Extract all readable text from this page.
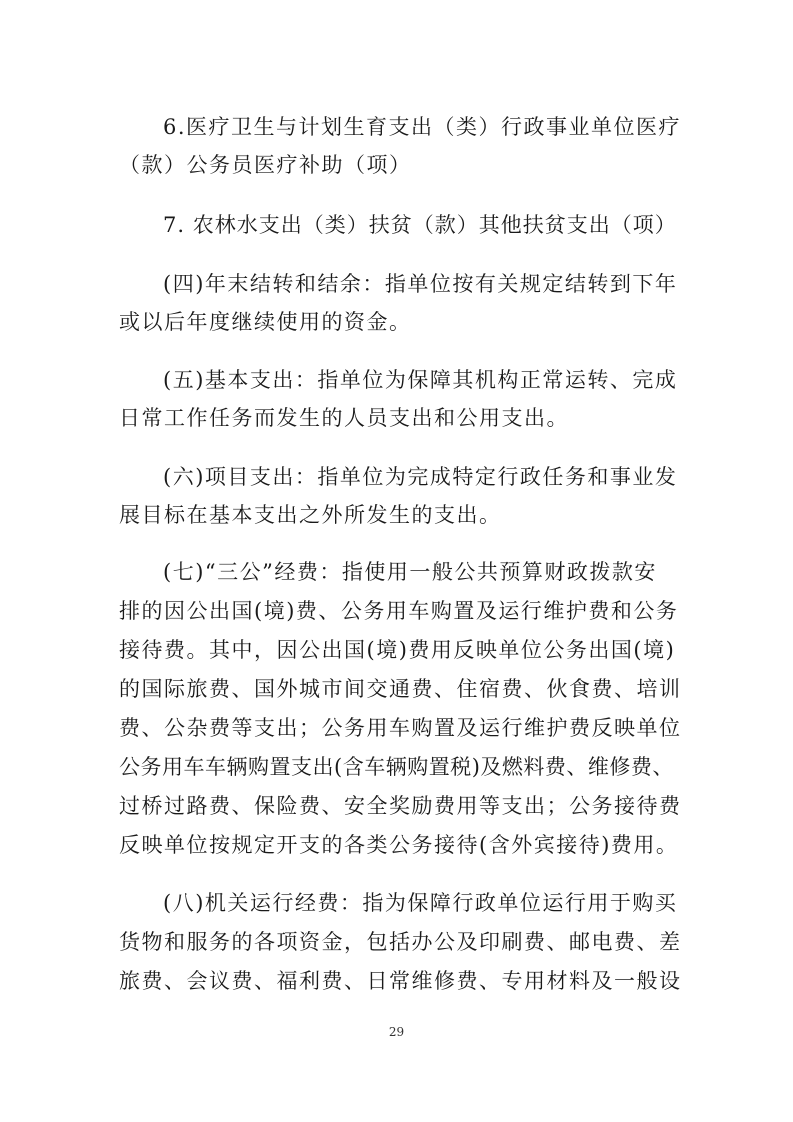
6.医疗卫生与计划生育支出（类）行政事业单位医疗
（款）公务员医疗补助（项）
7. 农林水支出（类）扶贫（款）其他扶贫支出（项）
(四)年末结转和结余：指单位按有关规定结转到下年
或以后年度继续使用的资金。
(五)基本支出：指单位为保障其机构正常运转、完成
日常工作任务而发生的人员支出和公用支出。
(六)项目支出：指单位为完成特定行政任务和事业发
展目标在基本支出之外所发生的支出。
(七)“三公”经费：指使用一般公共预算财政拨款安
排的因公出国(境)费、公务用车购置及运行维护费和公务
接待费。其中，因公出国(境)费用反映单位公务出国(境)
的国际旅费、国外城市间交通费、住宿费、伙食费、培训
费、公杂费等支出；公务用车购置及运行维护费反映单位
公务用车车辆购置支出(含车辆购置税)及燃料费、维修费、
过桥过路费、保险费、安全奖励费用等支出；公务接待费
反映单位按规定开支的各类公务接待(含外宾接待)费用。
(八)机关运行经费：指为保障行政单位运行用于购买
货物和服务的各项资金，包括办公及印刷费、邮电费、差
旅费、会议费、福利费、日常维修费、专用材料及一般设
29
